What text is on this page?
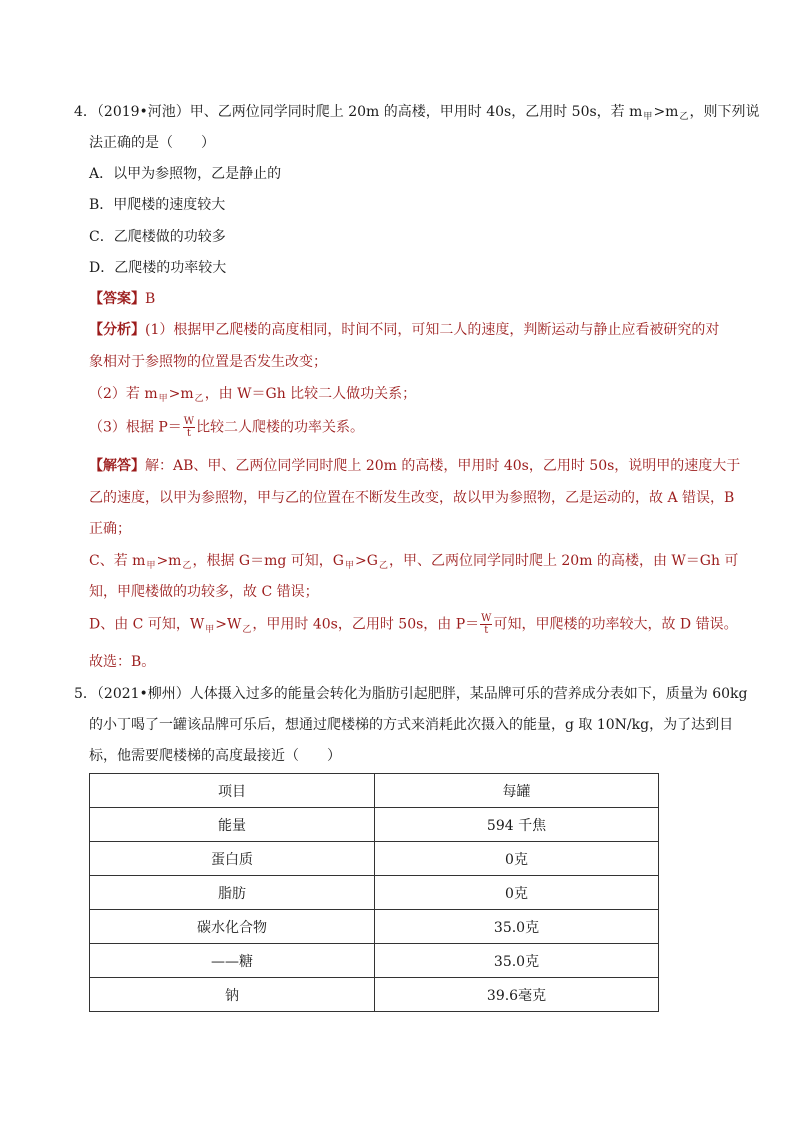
4．（2019•河池）甲、乙两位同学同时爬上 20m 的高楼，甲用时 40s，乙用时 50s，若 $m_甲>m_乙$，则下列说
法正确的是（　　）
A．以甲为参照物，乙是静止的
B．甲爬楼的速度较大
C．乙爬楼做的功较多
D．乙爬楼的功率较大
【答案】B
【分析】(1）根据甲乙爬楼的高度相同，时间不同，可知二人的速度，判断运动与静止应看被研究的对
象相对于参照物的位置是否发生改变；
（2）若 $m_甲>m_乙$，由 W＝Gh 比较二人做功关系；
（3）根据 $P= \frac{W}{t}$ 比较二人爬楼的功率关系。
【解答】解：AB、甲、乙两位同学同时爬上 20m 的高楼，甲用时 40s，乙用时 50s，说明甲的速度大于
乙的速度，以甲为参照物，甲与乙的位置在不断发生改变，故以甲为参照物，乙是运动的，故 A 错误，B
正确；
C、若 $m_甲>m_乙$，根据 G＝mg 可知，$G_甲>G_乙$，甲、乙两位同学同时爬上 20m 的高楼，由 W＝Gh 可
知，甲爬楼做的功较多，故 C 错误；
D、由 C 可知，$W_甲>W_乙$，甲用时 40s，乙用时 50s，由 $P= \frac{W}{t}$ 可知，甲爬楼的功率较大，故 D 错误。
故选：B。
5．（2021•柳州）人体摄入过多的能量会转化为脂肪引起肥胖，某品牌可乐的营养成分表如下，质量为 60kg
的小丁喝了一罐该品牌可乐后，想通过爬楼梯的方式来消耗此次摄入的能量，g 取 10N/kg，为了达到目
标，他需要爬楼梯的高度最接近（　　）
项目	每罐
能量	594 千焦
蛋白质	0克
脂肪	0克
碳水化合物	35.0克
——糖	35.0克
钠	39.6毫克
